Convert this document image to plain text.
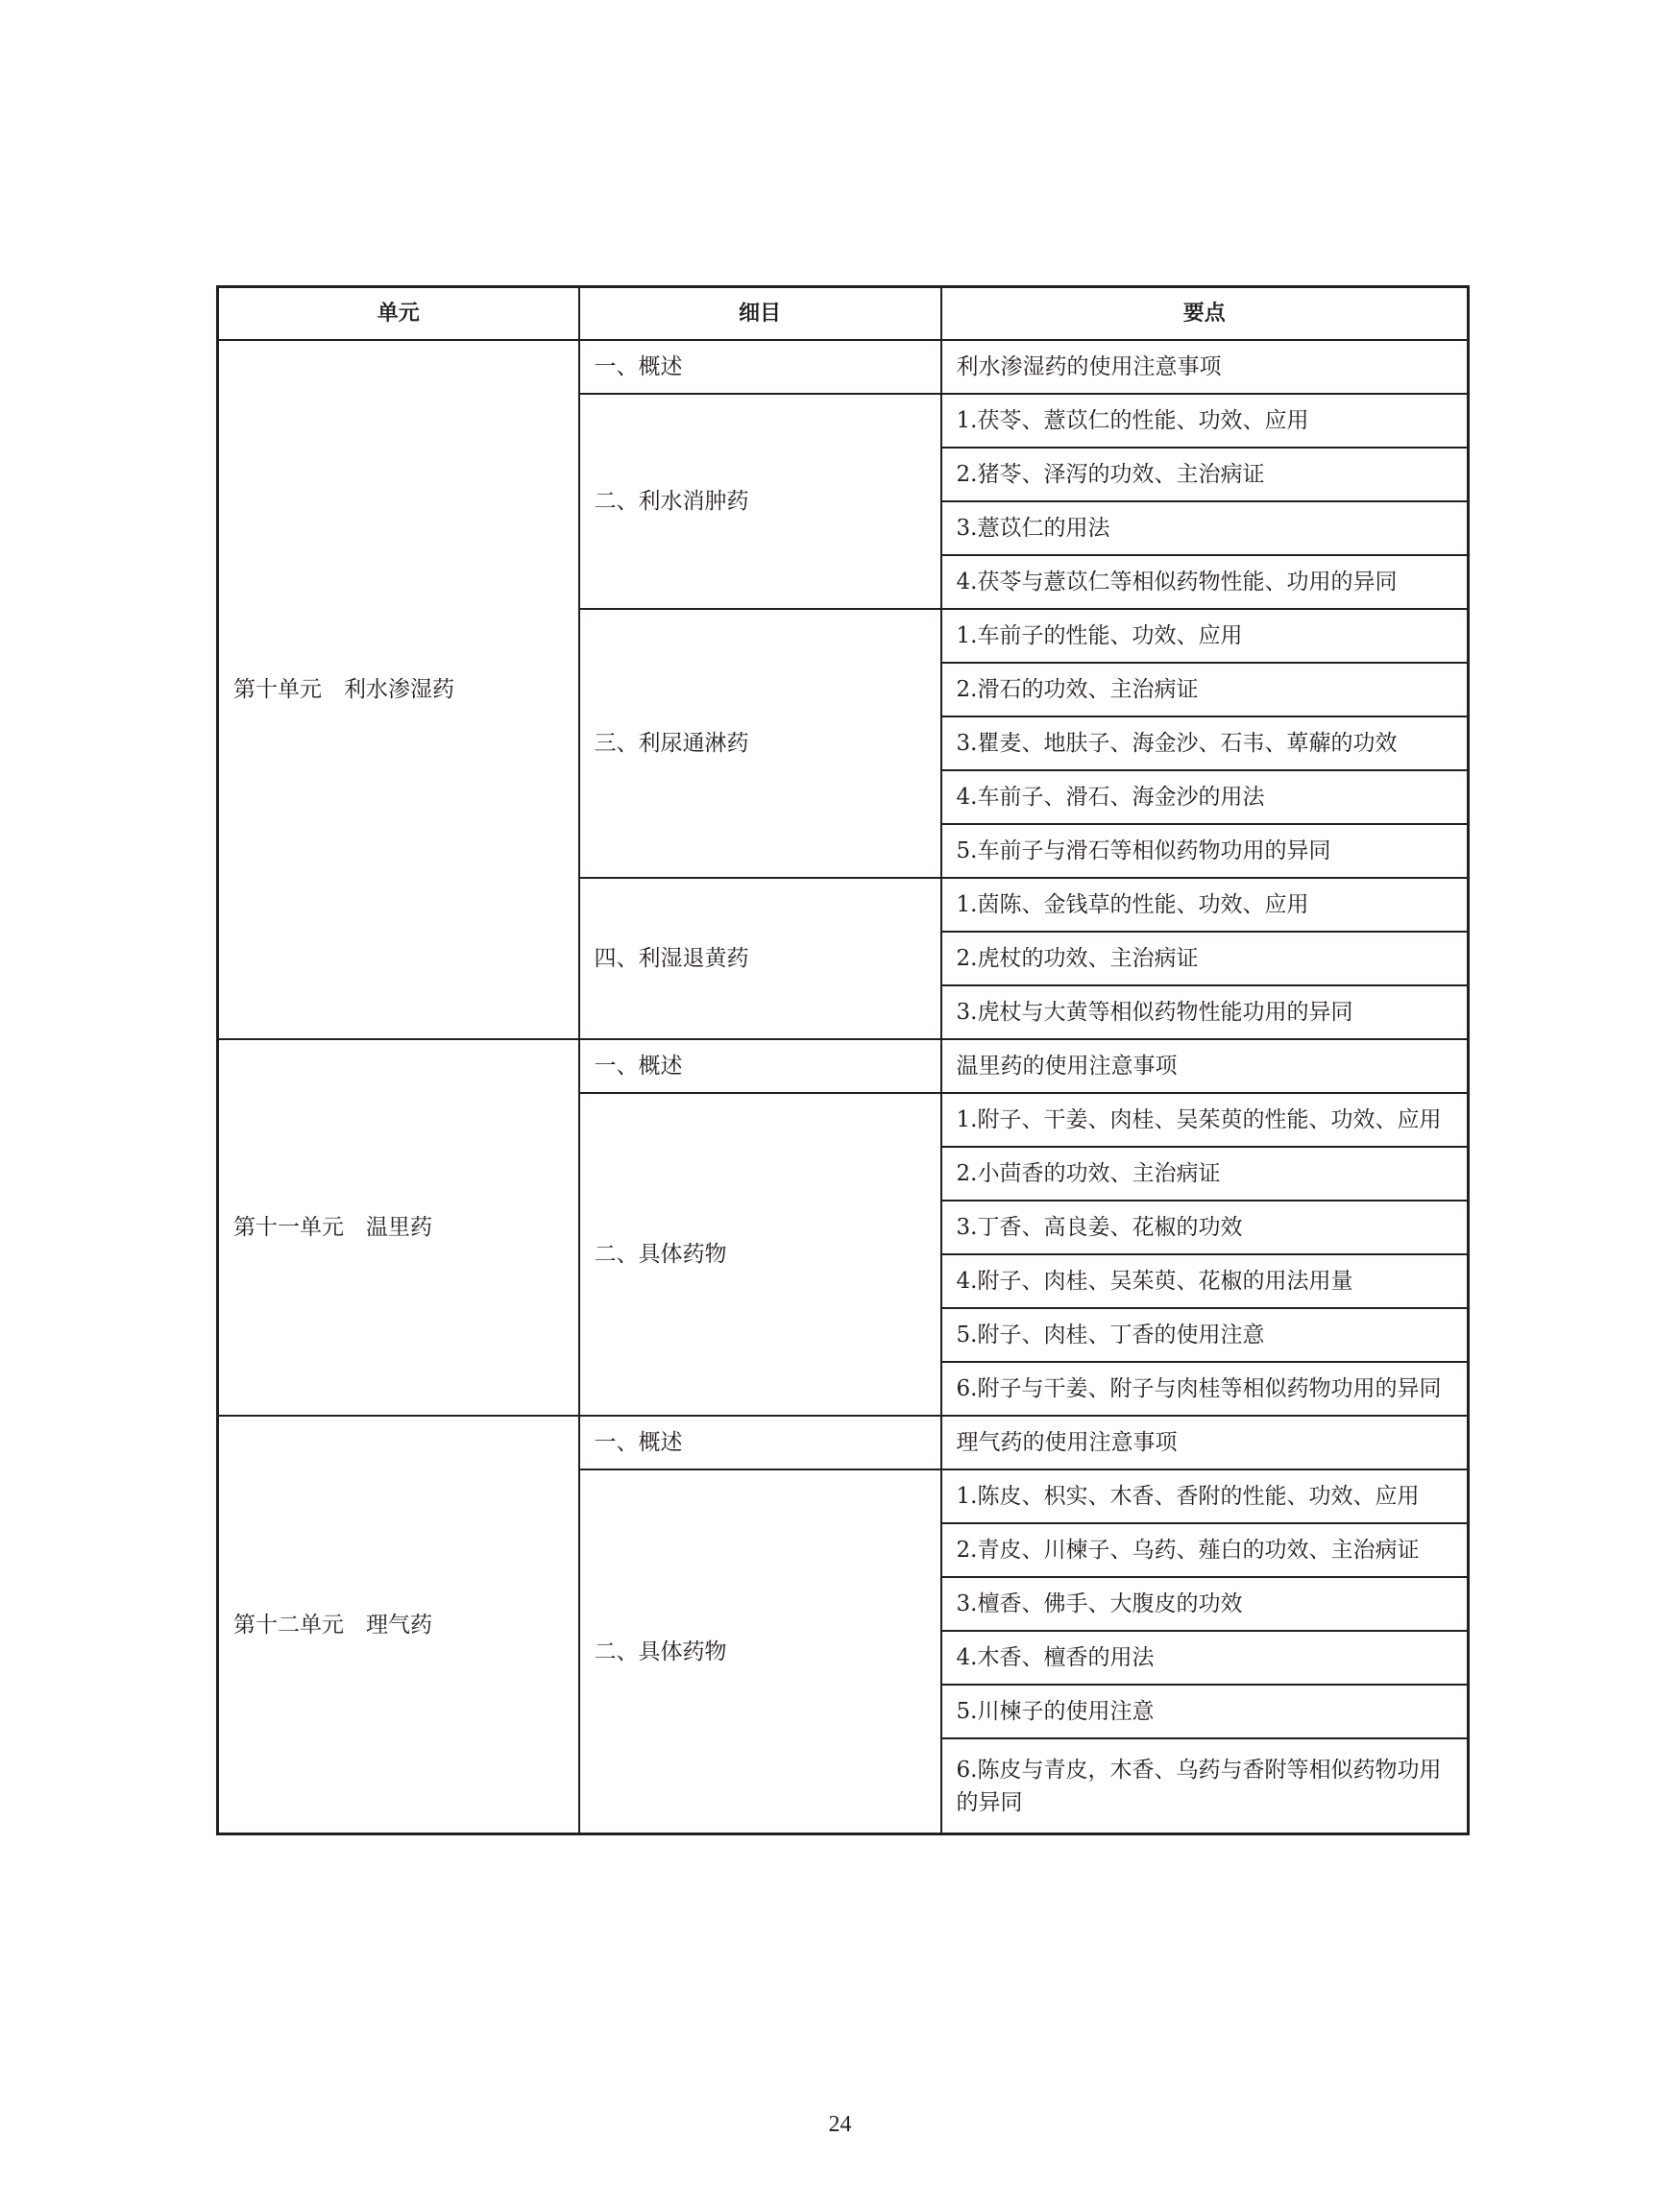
单元	细目	要点
第十单元　利水渗湿药	一、概述	利水渗湿药的使用注意事项
	二、利水消肿药	1.茯苓、薏苡仁的性能、功效、应用
		2.猪苓、泽泻的功效、主治病证
		3.薏苡仁的用法
		4.茯苓与薏苡仁等相似药物性能、功用的异同
	三、利尿通淋药	1.车前子的性能、功效、应用
		2.滑石的功效、主治病证
		3.瞿麦、地肤子、海金沙、石韦、萆薢的功效
		4.车前子、滑石、海金沙的用法
		5.车前子与滑石等相似药物功用的异同
	四、利湿退黄药	1.茵陈、金钱草的性能、功效、应用
		2.虎杖的功效、主治病证
		3.虎杖与大黄等相似药物性能功用的异同
第十一单元　温里药	一、概述	温里药的使用注意事项
	二、具体药物	1.附子、干姜、肉桂、吴茱萸的性能、功效、应用
		2.小茴香的功效、主治病证
		3.丁香、高良姜、花椒的功效
		4.附子、肉桂、吴茱萸、花椒的用法用量
		5.附子、肉桂、丁香的使用注意
		6.附子与干姜、附子与肉桂等相似药物功用的异同
第十二单元　理气药	一、概述	理气药的使用注意事项
	二、具体药物	1.陈皮、枳实、木香、香附的性能、功效、应用
		2.青皮、川楝子、乌药、薤白的功效、主治病证
		3.檀香、佛手、大腹皮的功效
		4.木香、檀香的用法
		5.川楝子的使用注意
		6.陈皮与青皮，木香、乌药与香附等相似药物功用的异同
24
